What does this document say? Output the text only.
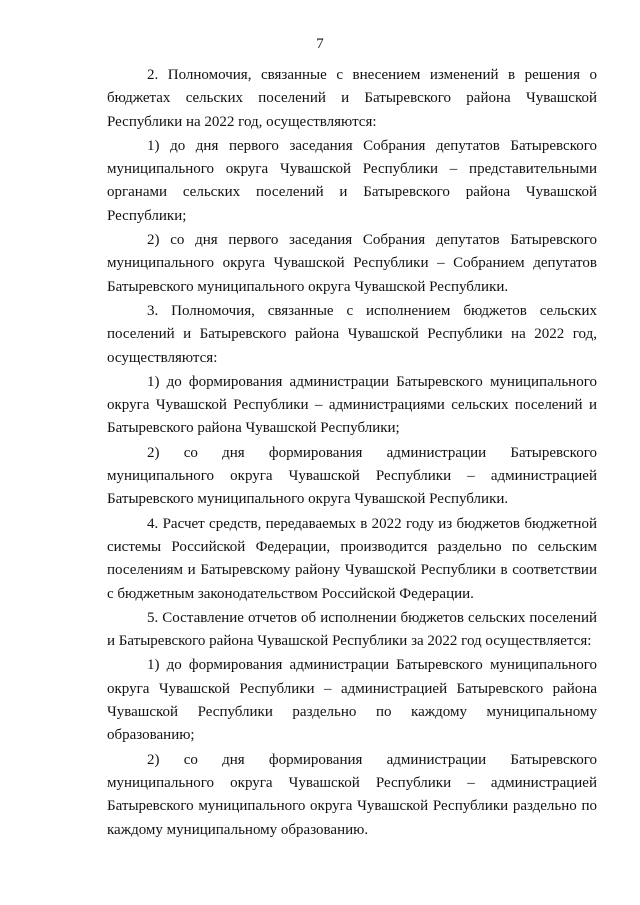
7

2. Полномочия, связанные с внесением изменений в решения о бюджетах сельских поселений и Батыревского района Чувашской Республики на 2022 год, осуществляются:

1) до дня первого заседания Собрания депутатов Батыревского муниципального округа Чувашской Республики – представительными органами сельских поселений и Батыревского района Чувашской Республики;

2) со дня первого заседания Собрания депутатов Батыревского муниципального округа Чувашской Республики – Собранием депутатов Батыревского муниципального округа Чувашской Республики.

3. Полномочия, связанные с исполнением бюджетов сельских поселений и Батыревского района Чувашской Республики на 2022 год, осуществляются:

1) до формирования администрации Батыревского муниципального округа Чувашской Республики – администрациями сельских поселений и Батыревского района Чувашской Республики;

2) со дня формирования администрации Батыревского муниципального округа Чувашской Республики – администрацией Батыревского муниципального округа Чувашской Республики.

4. Расчет средств, передаваемых в 2022 году из бюджетов бюджетной системы Российской Федерации, производится раздельно по сельским поселениям и Батыревскому району Чувашской Республики в соответствии с бюджетным законодательством Российской Федерации.

5. Составление отчетов об исполнении бюджетов сельских поселений и Батыревского района Чувашской Республики за 2022 год осуществляется:

1) до формирования администрации Батыревского муниципального округа Чувашской Республики – администрацией Батыревского района Чувашской Республики раздельно по каждому муниципальному образованию;

2) со дня формирования администрации Батыревского муниципального округа Чувашской Республики – администрацией Батыревского муниципального округа Чувашской Республики раздельно по каждому муниципальному образованию.
